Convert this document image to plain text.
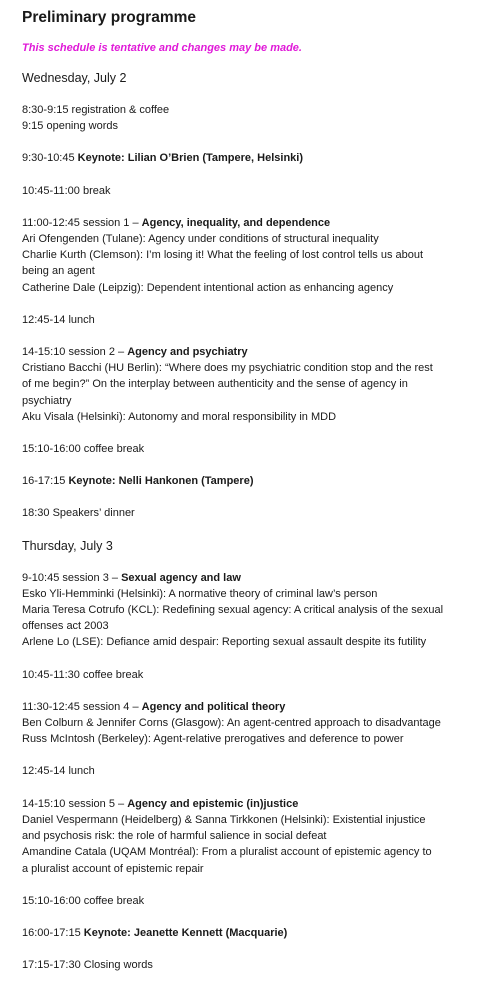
Preliminary programme
This schedule is tentative and changes may be made.
Wednesday, July 2
8:30-9:15 registration & coffee
9:15 opening words
9:30-10:45 Keynote: Lilian O’Brien (Tampere, Helsinki)
10:45-11:00 break
11:00-12:45 session 1 – Agency, inequality, and dependence
Ari Ofengenden (Tulane): Agency under conditions of structural inequality
Charlie Kurth (Clemson): I’m losing it! What the feeling of lost control tells us about
being an agent
Catherine Dale (Leipzig): Dependent intentional action as enhancing agency
12:45-14 lunch
14-15:10 session 2 – Agency and psychiatry
Cristiano Bacchi (HU Berlin): “Where does my psychiatric condition stop and the rest
of me begin?” On the interplay between authenticity and the sense of agency in
psychiatry
Aku Visala (Helsinki): Autonomy and moral responsibility in MDD
15:10-16:00 coffee break
16-17:15 Keynote: Nelli Hankonen (Tampere)
18:30 Speakers’ dinner
Thursday, July 3
9-10:45 session 3 – Sexual agency and law
Esko Yli-Hemminki (Helsinki): A normative theory of criminal law’s person
Maria Teresa Cotrufo (KCL): Redefining sexual agency: A critical analysis of the sexual
offenses act 2003
Arlene Lo (LSE): Defiance amid despair: Reporting sexual assault despite its futility
10:45-11:30 coffee break
11:30-12:45 session 4 – Agency and political theory
Ben Colburn & Jennifer Corns (Glasgow): An agent-centred approach to disadvantage
Russ McIntosh (Berkeley): Agent-relative prerogatives and deference to power
12:45-14 lunch
14-15:10 session 5 – Agency and epistemic (in)justice
Daniel Vespermann (Heidelberg) & Sanna Tirkkonen (Helsinki): Existential injustice
and psychosis risk: the role of harmful salience in social defeat
Amandine Catala (UQAM Montréal): From a pluralist account of epistemic agency to
a pluralist account of epistemic repair
15:10-16:00 coffee break
16:00-17:15 Keynote: Jeanette Kennett (Macquarie)
17:15-17:30 Closing words
